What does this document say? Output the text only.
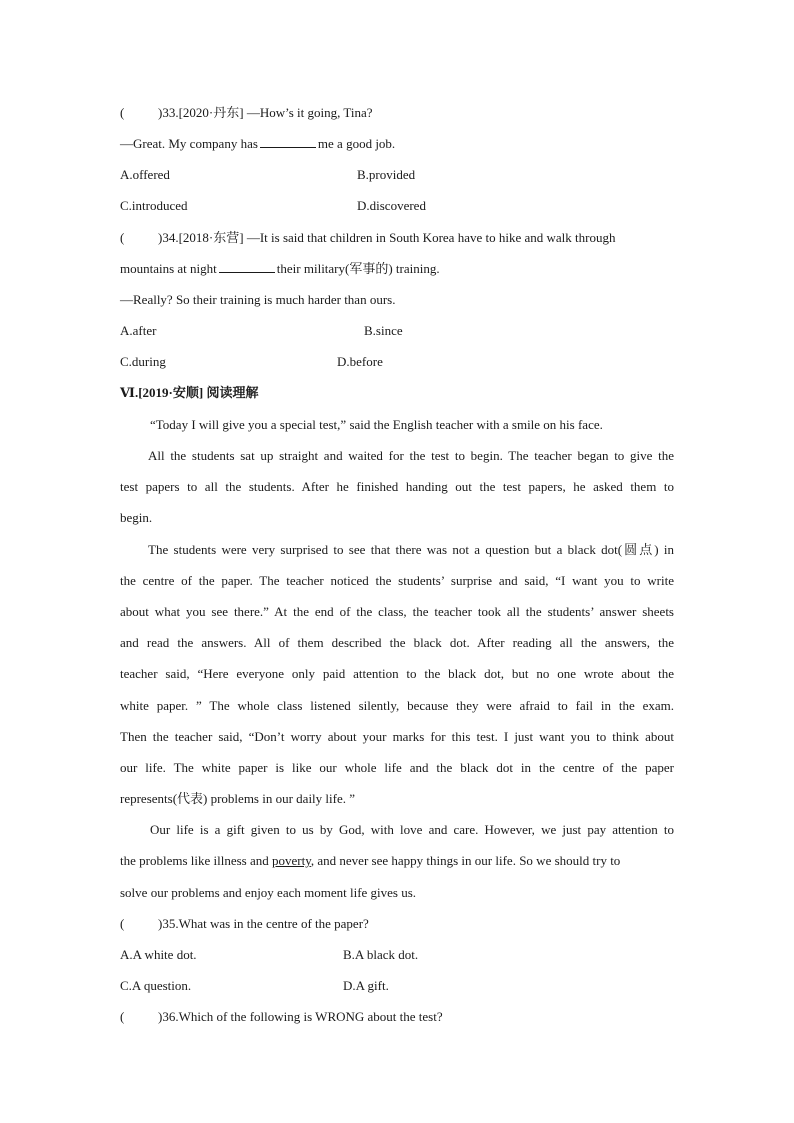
(	)33.[2020·丹东] —How’s it going, Tina?
—Great. My company has	me a good job.
A.offered	B.provided
C.introduced	D.discovered
(	)34.[2018·东营] —It is said that children in South Korea have to hike and walk through
mountains at night	their military(军事的) training.
—Really? So their training is much harder than ours.
A.after	B.since
C.during	D.before
Ⅵ.[2019·安顺] 阅读理解
“Today I will give you a special test,” said the English teacher with a smile on his face.
All the students sat up straight and waited for the test to begin. The teacher began to give the
test papers to all the students. After he finished handing out the test papers, he asked them to
begin.
The students were very surprised to see that there was not a question but a black dot(圆点) in
the centre of the paper. The teacher noticed the students’ surprise and said, “I want you to write
about what you see there.” At the end of the class, the teacher took all the students’ answer sheets
and read the answers. All of them described the black dot. After reading all the answers, the
teacher said, “Here everyone only paid attention to the black dot, but no one wrote about the
white paper. ” The whole class listened silently, because they were afraid to fail in the exam.
Then the teacher said, “Don’t worry about your marks for this test. I just want you to think about
our life. The white paper is like our whole life and the black dot in the centre of the paper
represents(代表) problems in our daily life. ”
Our life is a gift given to us by God, with love and care. However, we just pay attention to
the problems like illness and poverty, and never see happy things in our life. So we should try to
solve our problems and enjoy each moment life gives us.
(	)35.What was in the centre of the paper?
A.A white dot.	B.A black dot.
C.A question.	D.A gift.
(	)36.Which of the following is WRONG about the test?
